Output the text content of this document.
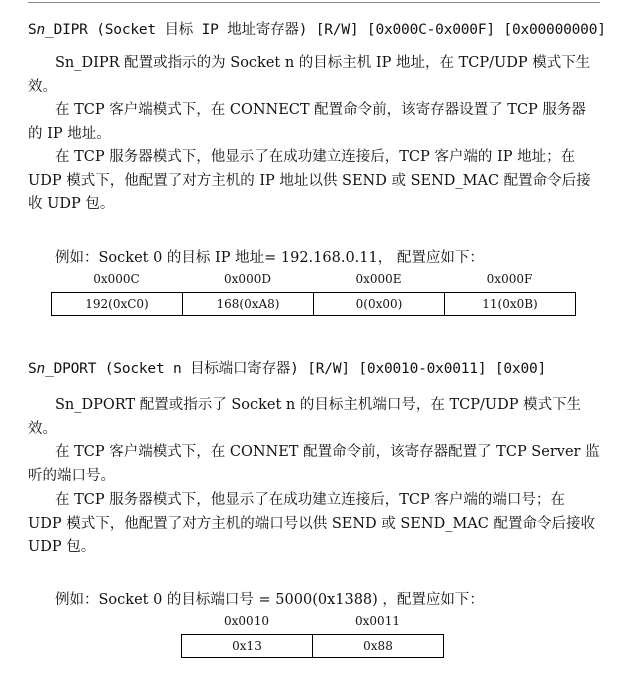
Sn_DIPR (Socket 目标 IP 地址寄存器) [R/W] [0x000C-0x000F] [0x00000000]
Sn_DIPR 配置或指示的为 Socket n 的目标主机 IP 地址，在 TCP/UDP 模式下生效。
在 TCP 客户端模式下，在 CONNECT 配置命令前，该寄存器设置了 TCP 服务器的 IP 地址。
在 TCP 服务器模式下，他显示了在成功建立连接后，TCP 客户端的 IP 地址；在 UDP 模式下，他配置了对方主机的 IP 地址以供 SEND 或 SEND_MAC 配置命令后接收 UDP 包。
例如：Socket 0 的目标 IP 地址= 192.168.0.11， 配置应如下：
0x000C	0x000D	0x000E	0x000F
192(0xC0)	168(0xA8)	0(0x00)	11(0x0B)
Sn_DPORT (Socket n 目标端口寄存器) [R/W] [0x0010-0x0011] [0x00]
Sn_DPORT 配置或指示了 Socket n 的目标主机端口号，在 TCP/UDP 模式下生效。
在 TCP 客户端模式下，在 CONNET 配置命令前，该寄存器配置了 TCP Server 监听的端口号。
在 TCP 服务器模式下，他显示了在成功建立连接后，TCP 客户端的端口号；在 UDP 模式下，他配置了对方主机的端口号以供 SEND 或 SEND_MAC 配置命令后接收 UDP 包。
例如：Socket 0 的目标端口号 = 5000(0x1388) ，配置应如下：
0x0010	0x0011
0x13	0x88
